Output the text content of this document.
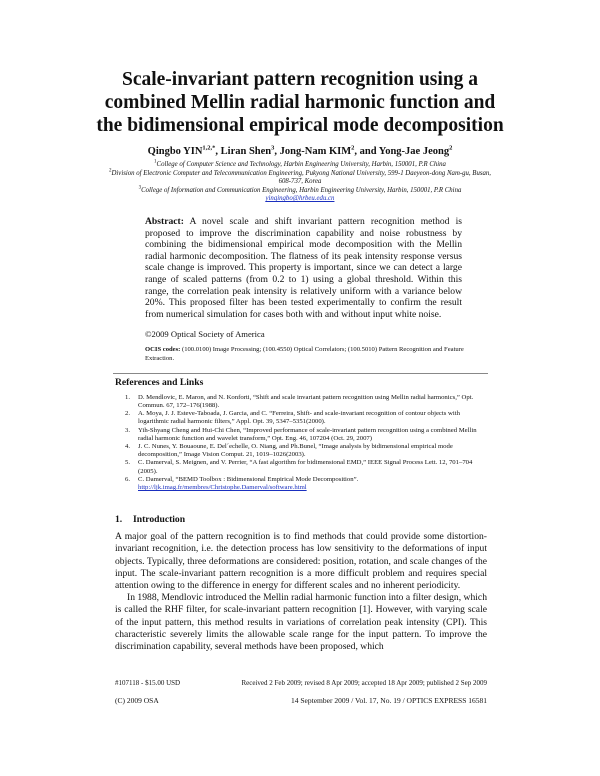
Scale-invariant pattern recognition using a
combined Mellin radial harmonic function and
the bidimensional empirical mode decomposition
Qingbo $YIN^{1,2,*}$, Liran Shen$^3$, Jong-Nam KIM$^2$, and Yong-Jae Jeong$^2$
$^1$College of Computer Science and Technology, Harbin Engineering University, Harbin, 150001, P.R China
$^2$Division of Electronic Computer and Telecommunication Engineering, Pukyong National University, 599-1 Daeyeon-dong Nam-gu, Busan, 608-737, Korea
$^3$College of Information and Communication Engineering, Harbin Engineering University, Harbin, 150001, P.R China
yinqingbo@hrbeu.edu.cn
Abstract: A novel scale and shift invariant pattern recognition method is proposed to improve the discrimination capability and noise robustness by combining the bidimensional empirical mode decomposition with the Mellin radial harmonic decomposition. The flatness of its peak intensity response versus scale change is improved. This property is important, since we can detect a large range of scaled patterns (from 0.2 to 1) using a global threshold. Within this range, the correlation peak intensity is relatively uniform with a variance below 20%. This proposed filter has been tested experimentally to confirm the result from numerical simulation for cases both with and without input white noise.
©2009 Optical Society of America
OCIS codes: (100.0100) Image Processing; (100.4550) Optical Correlators; (100.5010) Pattern Recognition and Feature Extraction.
References and Links
1.	D. Mendlovic, E. Maron, and N. Konforti, “Shift and scale invariant pattern recognition using Mellin radial harmonics,” Opt. Commun. 67, 172–176(1988).
2.	A. Moya, J. J. Esteve-Taboada, J. Garcia, and C. “Ferreira, Shift- and scale-invariant recognition of contour objects with logarithmic radial harmonic filters,” Appl. Opt. 39, 5347–5351(2000).
3.	Yih-Shyang Cheng and Hui-Chi Chen, “Improved performance of scale-invariant pattern recognition using a combined Mellin radial harmonic function and wavelet transform,” Opt. Eng. 46, 107204 (Oct. 29, 2007)
4.	J. C. Nunes, Y. Bouaoune, E. Del´echelle, O. Niang, and Ph.Bunel, “Image analysis by bidimensional empirical mode decomposition,” Image Vision Comput. 21, 1019–1026(2003).
5.	C. Damerval, S. Meignen, and V. Perrier, “A fast algorithm for bidimensional EMD,” IEEE Signal Process Lett. 12, 701–704 (2005).
6.	C. Damerval, “BEMD Toolbox : Bidimensional Empirical Mode Decomposition”.
http://ljk.imag.fr/membres/Christophe.Damerval/software.html
1. Introduction

A major goal of the pattern recognition is to find methods that could provide some distortion-invariant recognition, i.e. the detection process has low sensitivity to the deformations of input objects. Typically, three deformations are considered: position, rotation, and scale changes of the input. The scale-invariant pattern recognition is a more difficult problem and requires special attention owing to the difference in energy for different scales and no inherent periodicity.

In 1988, Mendlovic introduced the Mellin radial harmonic function into a filter design, which is called the RHF filter, for scale-invariant pattern recognition [1]. However, with varying scale of the input pattern, this method results in variations of correlation peak intensity (CPI). This characteristic severely limits the allowable scale range for the input pattern. To improve the discrimination capability, several methods have been proposed, which

#107118 - $15.00 USD	Received 2 Feb 2009; revised 8 Apr 2009; accepted 18 Apr 2009; published 2 Sep 2009
(C) 2009 OSA	14 September 2009 / Vol. 17, No. 19 / OPTICS EXPRESS 16581
